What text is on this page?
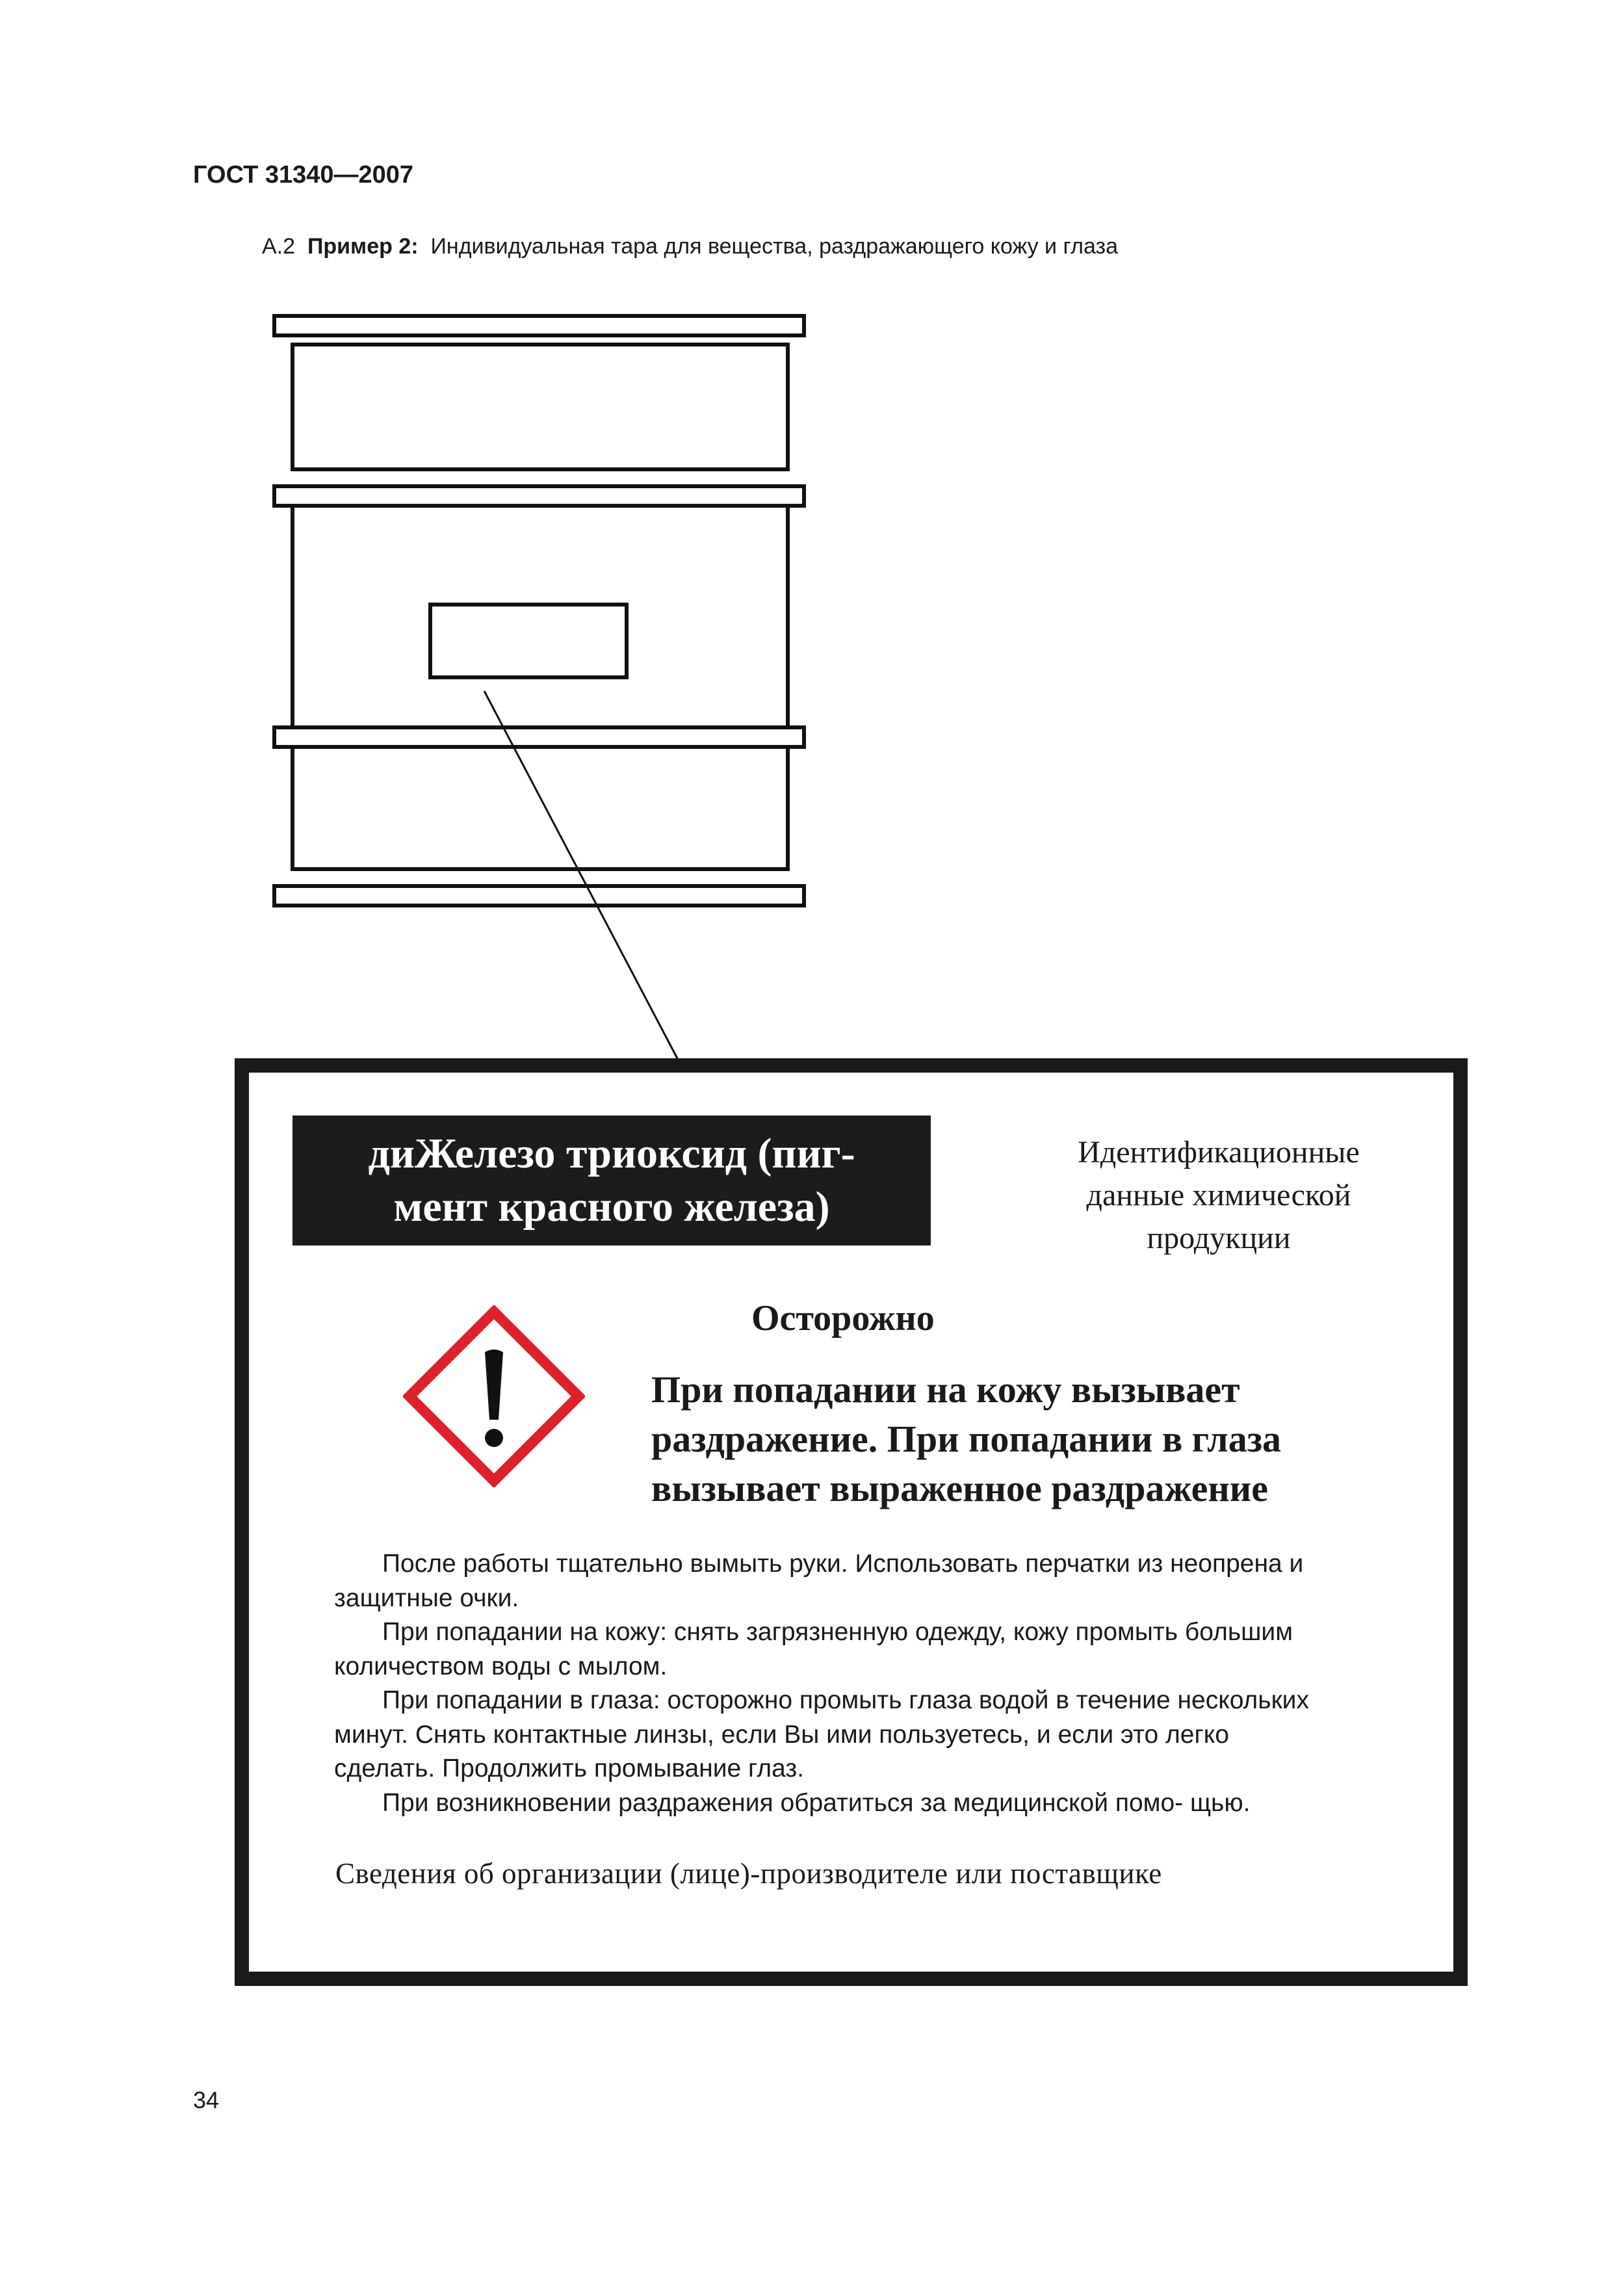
ГОСТ 31340—2007
А.2 Пример 2: Индивидуальная тара для вещества, раздражающего кожу и глаза
диЖелезо триоксид (пиг-
мент красного железа)
Идентификационные
данные химической
продукции
Осторожно
При попадании на кожу вызывает
раздражение. При попадании в глаза
вызывает выраженное раздражение

После работы тщательно вымыть руки. Использовать перчатки из неопрена и защитные очки.

При попадании на кожу: снять загрязненную одежду, кожу промыть большим количеством воды с мылом.

При попадании в глаза: осторожно промыть глаза водой в течение нескольких минут. Снять контактные линзы, если Вы ими пользуетесь, и если это легко сделать. Продолжить промывание глаз.

При возникновении раздражения обратиться за медицинской помо- щью.

Сведения об организации (лице)-производителе или поставщике
34
